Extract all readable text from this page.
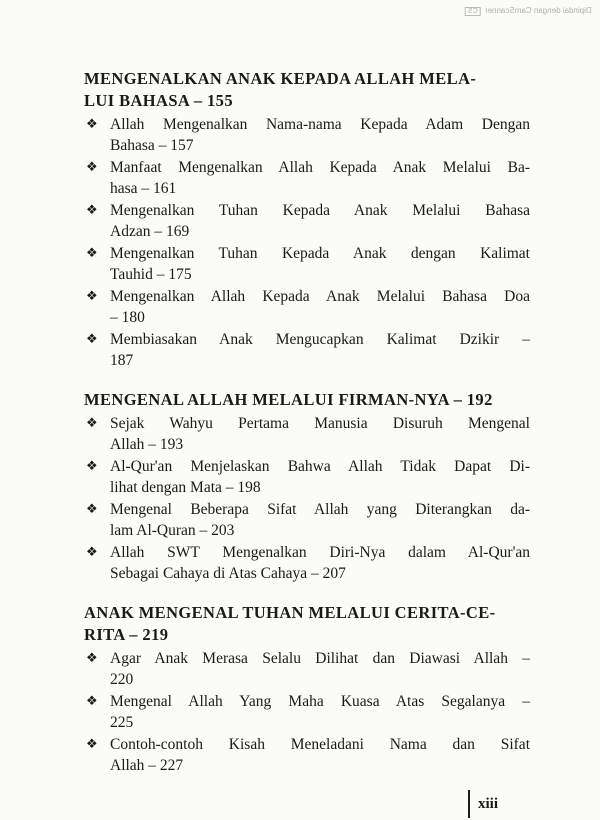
Dipindai dengan CamScanner CS
MENGENALKAN ANAK KEPADA ALLAH MELA-
LUI BAHASA – 155
❖ Allah Mengenalkan Nama-nama Kepada Adam Dengan
Bahasa – 157
❖ Manfaat Mengenalkan Allah Kepada Anak Melalui Ba-
hasa – 161
❖ Mengenalkan Tuhan Kepada Anak Melalui Bahasa
Adzan – 169
❖ Mengenalkan Tuhan Kepada Anak dengan Kalimat
Tauhid – 175
❖ Mengenalkan Allah Kepada Anak Melalui Bahasa Doa
– 180
❖ Membiasakan Anak Mengucapkan Kalimat Dzikir –
187
MENGENAL ALLAH MELALUI FIRMAN-NYA – 192
❖ Sejak Wahyu Pertama Manusia Disuruh Mengenal
Allah – 193
❖ Al-Qur'an Menjelaskan Bahwa Allah Tidak Dapat Di-
lihat dengan Mata – 198
❖ Mengenal Beberapa Sifat Allah yang Diterangkan da-
lam Al-Quran – 203
❖ Allah SWT Mengenalkan Diri-Nya dalam Al-Qur'an
Sebagai Cahaya di Atas Cahaya – 207
ANAK MENGENAL TUHAN MELALUI CERITA-CE-
RITA – 219
❖ Agar Anak Merasa Selalu Dilihat dan Diawasi Allah –
220
❖ Mengenal Allah Yang Maha Kuasa Atas Segalanya –
225
❖ Contoh-contoh Kisah Meneladani Nama dan Sifat
Allah – 227
xiii
